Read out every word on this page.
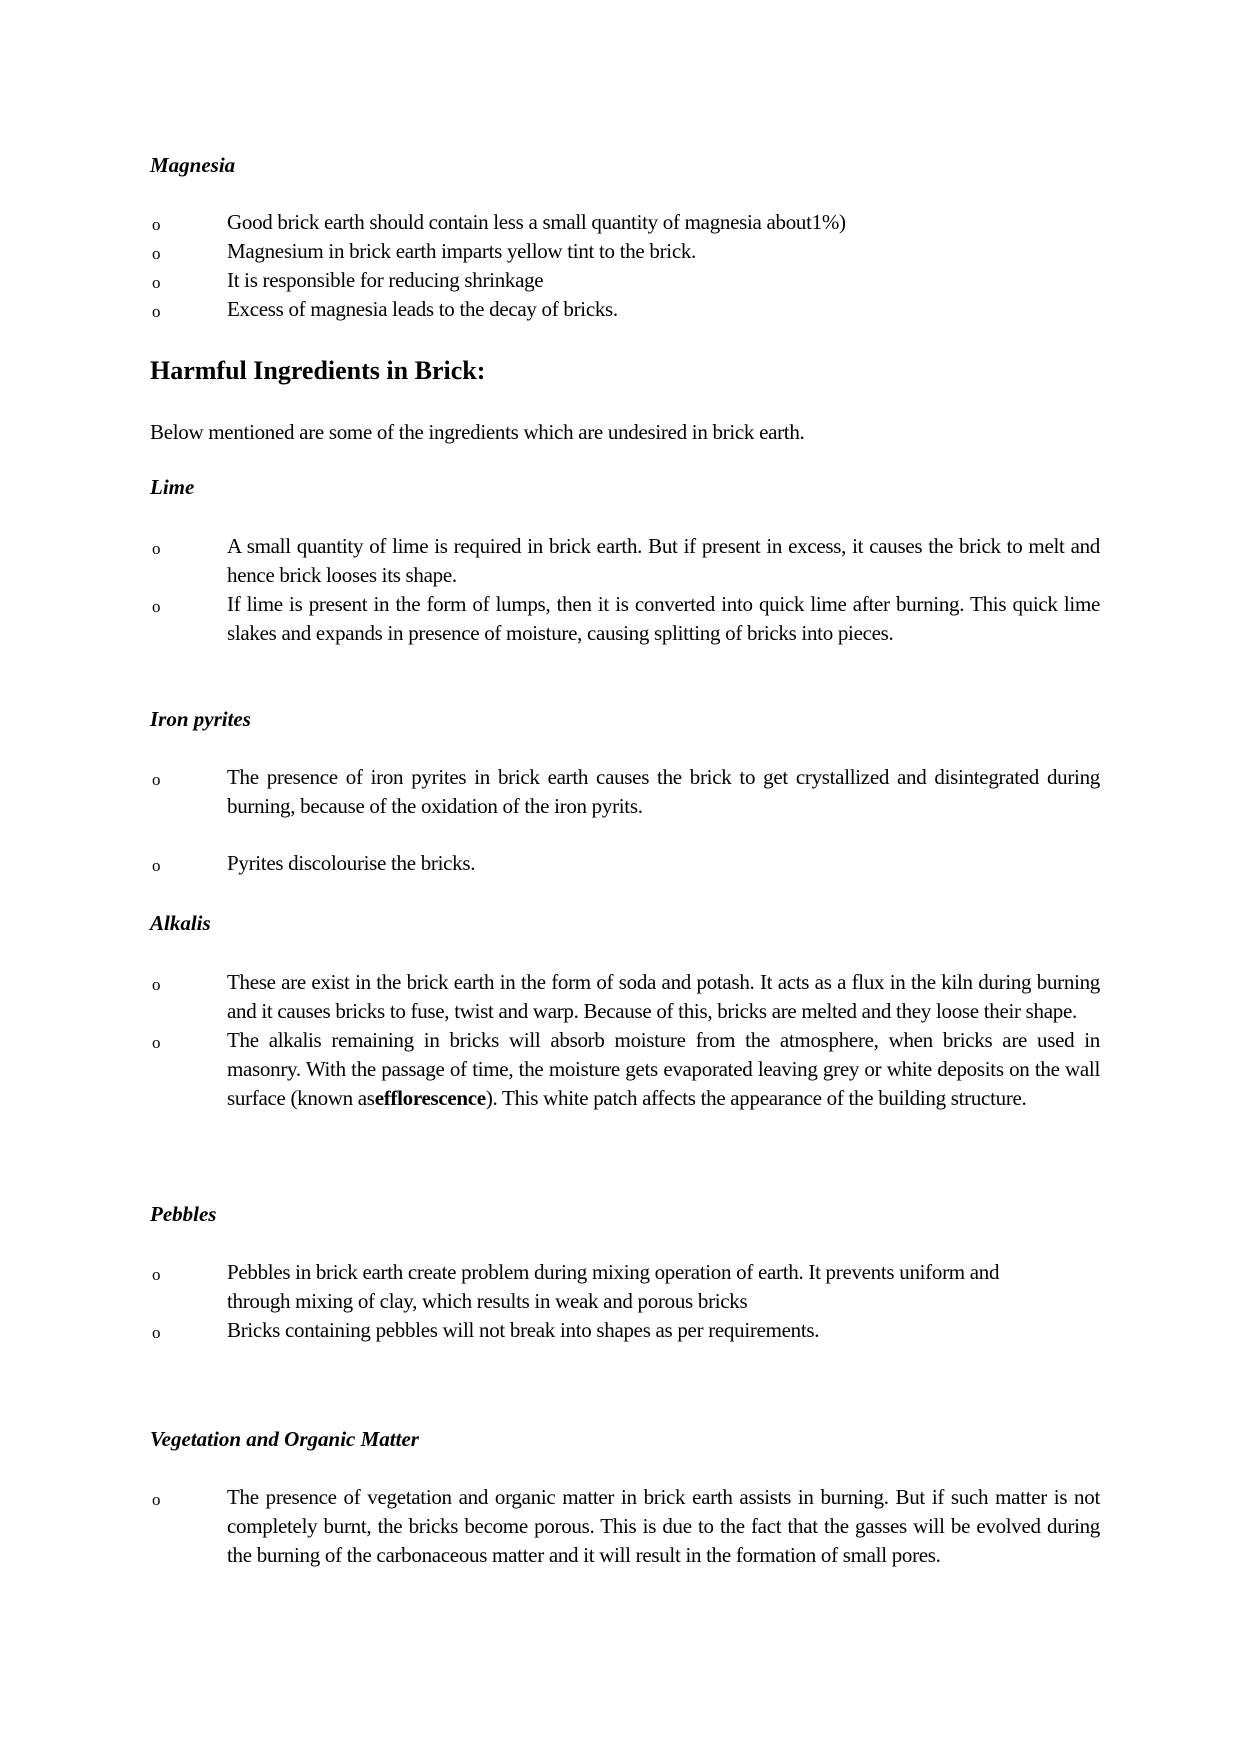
Magnesia
o	Good brick earth should contain less a small quantity of magnesia about1%)
o	Magnesium in brick earth imparts yellow tint to the brick.
o	It is responsible for reducing shrinkage
o	Excess of magnesia leads to the decay of bricks.
Harmful Ingredients in Brick:

Below mentioned are some of the ingredients which are undesired in brick earth.

Lime
o	A small quantity of lime is required in brick earth. But if present in excess, it causes the brick to melt and hence brick looses its shape.
o	If lime is present in the form of lumps, then it is converted into quick lime after burning. This quick lime slakes and expands in presence of moisture, causing splitting of bricks into pieces.
Iron pyrites
o	The presence of iron pyrites in brick earth causes the brick to get crystallized and disintegrated during burning, because of the oxidation of the iron pyrits.
o	Pyrites discolourise the bricks.
Alkalis
o	These are exist in the brick earth in the form of soda and potash. It acts as a flux in the kiln during burning and it causes bricks to fuse, twist and warp. Because of this, bricks are melted and they loose their shape.
o	The alkalis remaining in bricks will absorb moisture from the atmosphere, when bricks are used in masonry. With the passage of time, the moisture gets evaporated leaving grey or white deposits on the wall surface (known asefflorescence). This white patch affects the appearance of the building structure.
Pebbles
o	Pebbles in brick earth create problem during mixing operation of earth. It prevents uniform and through mixing of clay, which results in weak and porous bricks
o	Bricks containing pebbles will not break into shapes as per requirements.
Vegetation and Organic Matter
o	The presence of vegetation and organic matter in brick earth assists in burning. But if such matter is not completely burnt, the bricks become porous. This is due to the fact that the gasses will be evolved during the burning of the carbonaceous matter and it will result in the formation of small pores.
